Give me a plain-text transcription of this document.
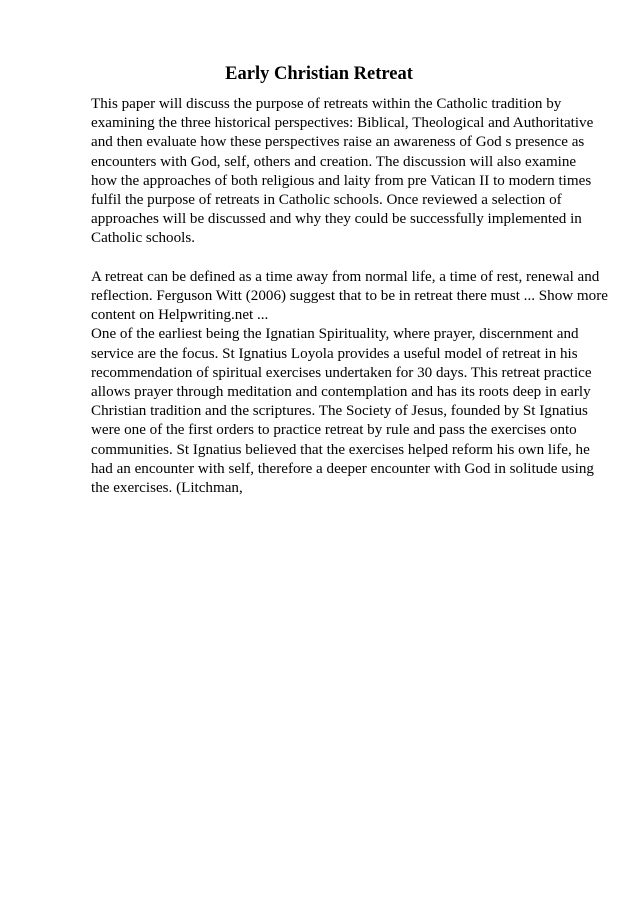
Early Christian Retreat

This paper will discuss the purpose of retreats within the Catholic tradition by
examining the three historical perspectives: Biblical, Theological and Authoritative
and then evaluate how these perspectives raise an awareness of God s presence as
encounters with God, self, others and creation. The discussion will also examine
how the approaches of both religious and laity from pre Vatican II to modern times
fulfil the purpose of retreats in Catholic schools. Once reviewed a selection of
approaches will be discussed and why they could be successfully implemented in
Catholic schools.

A retreat can be defined as a time away from normal life, a time of rest, renewal and
reflection. Ferguson Witt (2006) suggest that to be in retreat there must ... Show more
content on Helpwriting.net ...
One of the earliest being the Ignatian Spirituality, where prayer, discernment and
service are the focus. St Ignatius Loyola provides a useful model of retreat in his
recommendation of spiritual exercises undertaken for 30 days. This retreat practice
allows prayer through meditation and contemplation and has its roots deep in early
Christian tradition and the scriptures. The Society of Jesus, founded by St Ignatius
were one of the first orders to practice retreat by rule and pass the exercises onto
communities. St Ignatius believed that the exercises helped reform his own life, he
had an encounter with self, therefore a deeper encounter with God in solitude using
the exercises. (Litchman,
